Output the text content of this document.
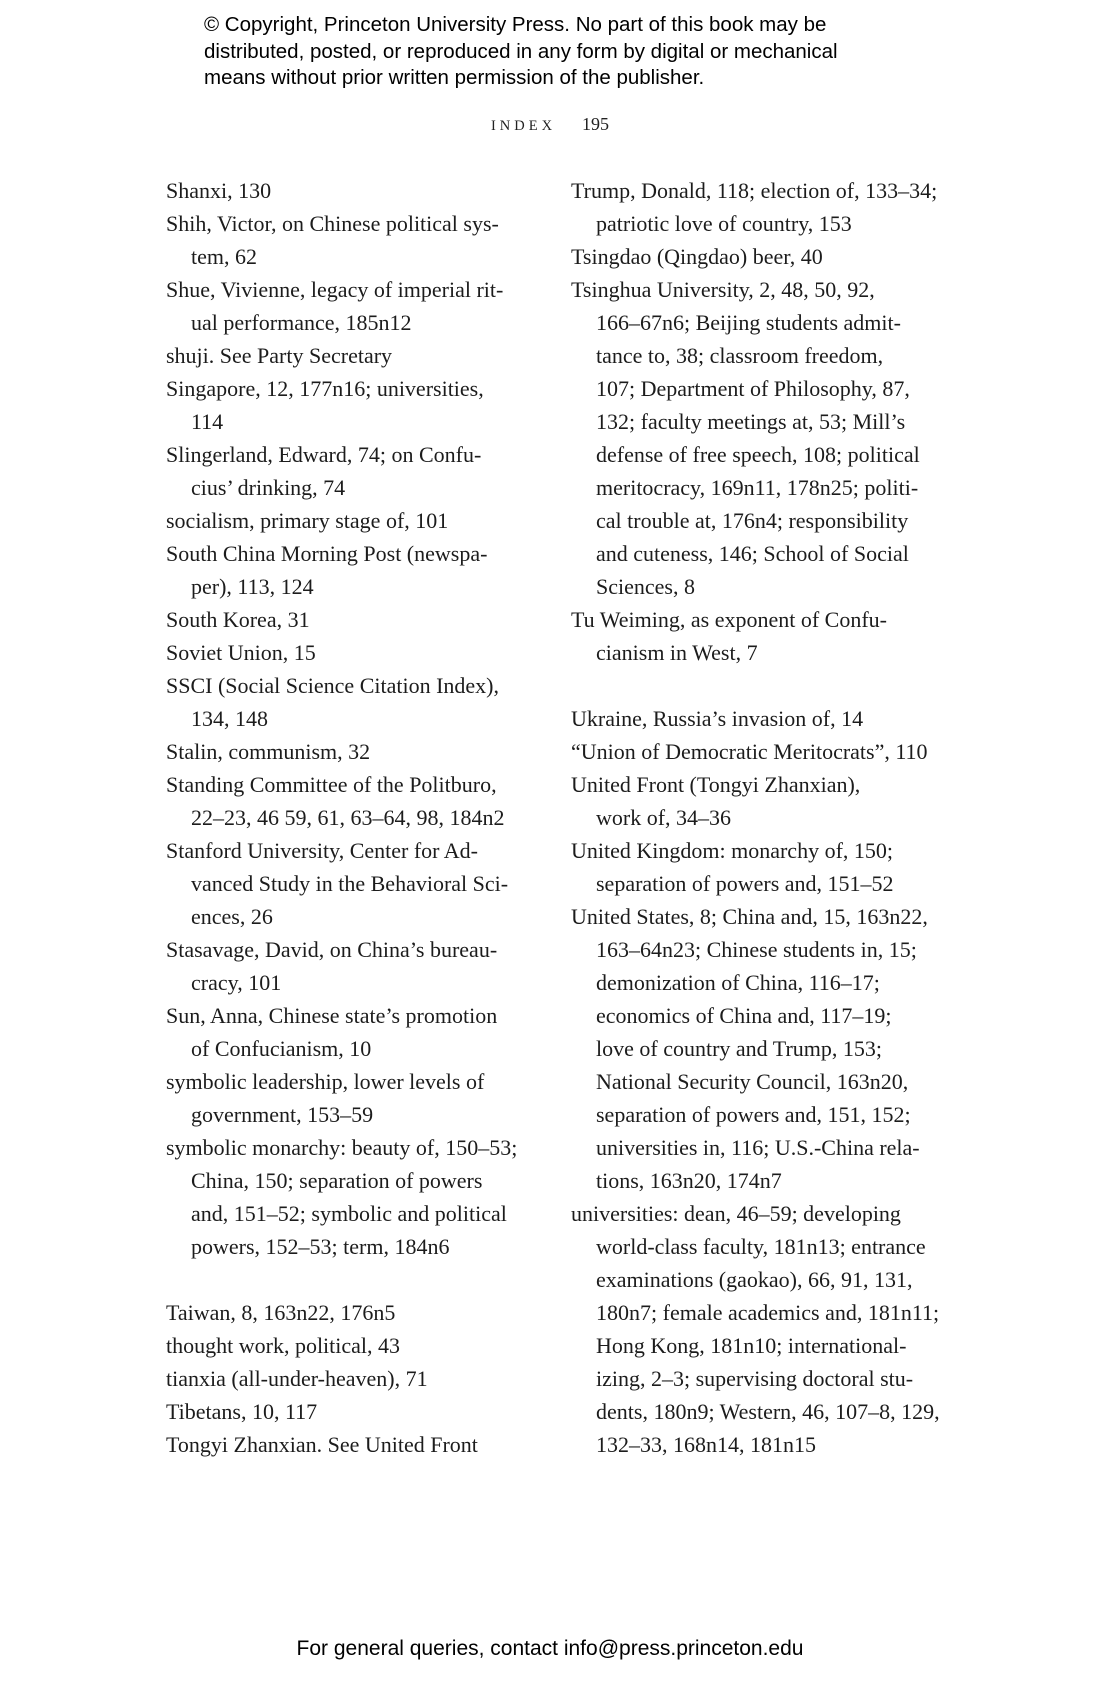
© Copyright, Princeton University Press. No part of this book may be
distributed, posted, or reproduced in any form by digital or mechanical
means without prior written permission of the publisher.
INDEX 195
Shanxi, 130
Shih, Victor, on Chinese political sys-
tem, 62
Shue, Vivienne, legacy of imperial rit-
ual performance, 185n12
shuji. See Party Secretary
Singapore, 12, 177n16; universities,
114
Slingerland, Edward, 74; on Confu-
cius’ drinking, 74
socialism, primary stage of, 101
South China Morning Post (newspa-
per), 113, 124
South Korea, 31
Soviet Union, 15
SSCI (Social Science Citation Index),
134, 148
Stalin, communism, 32
Standing Committee of the Politburo,
22–23, 46 59, 61, 63–64, 98, 184n2
Stanford University, Center for Ad-
vanced Study in the Behavioral Sci-
ences, 26
Stasavage, David, on China’s bureau-
cracy, 101
Sun, Anna, Chinese state’s promotion
of Confucianism, 10
symbolic leadership, lower levels of
government, 153–59
symbolic monarchy: beauty of, 150–53;
China, 150; separation of powers
and, 151–52; symbolic and political
powers, 152–53; term, 184n6
Taiwan, 8, 163n22, 176n5
thought work, political, 43
tianxia (all-under-heaven), 71
Tibetans, 10, 117
Tongyi Zhanxian. See United Front
Trump, Donald, 118; election of, 133–34;
patriotic love of country, 153
Tsingdao (Qingdao) beer, 40
Tsinghua University, 2, 48, 50, 92,
166–67n6; Beijing students admit-
tance to, 38; classroom freedom,
107; Department of Philosophy, 87,
132; faculty meetings at, 53; Mill’s
defense of free speech, 108; political
meritocracy, 169n11, 178n25; politi-
cal trouble at, 176n4; responsibility
and cuteness, 146; School of Social
Sciences, 8
Tu Weiming, as exponent of Confu-
cianism in West, 7
Ukraine, Russia’s invasion of, 14
“Union of Democratic Meritocrats”, 110
United Front (Tongyi Zhanxian),
work of, 34–36
United Kingdom: monarchy of, 150;
separation of powers and, 151–52
United States, 8; China and, 15, 163n22,
163–64n23; Chinese students in, 15;
demonization of China, 116–17;
economics of China and, 117–19;
love of country and Trump, 153;
National Security Council, 163n20,
separation of powers and, 151, 152;
universities in, 116; U.S.-China rela-
tions, 163n20, 174n7
universities: dean, 46–59; developing
world-class faculty, 181n13; entrance
examinations (gaokao), 66, 91, 131,
180n7; female academics and, 181n11;
Hong Kong, 181n10; international-
izing, 2–3; supervising doctoral stu-
dents, 180n9; Western, 46, 107–8, 129,
132–33, 168n14, 181n15
For general queries, contact info@press.princeton.edu
